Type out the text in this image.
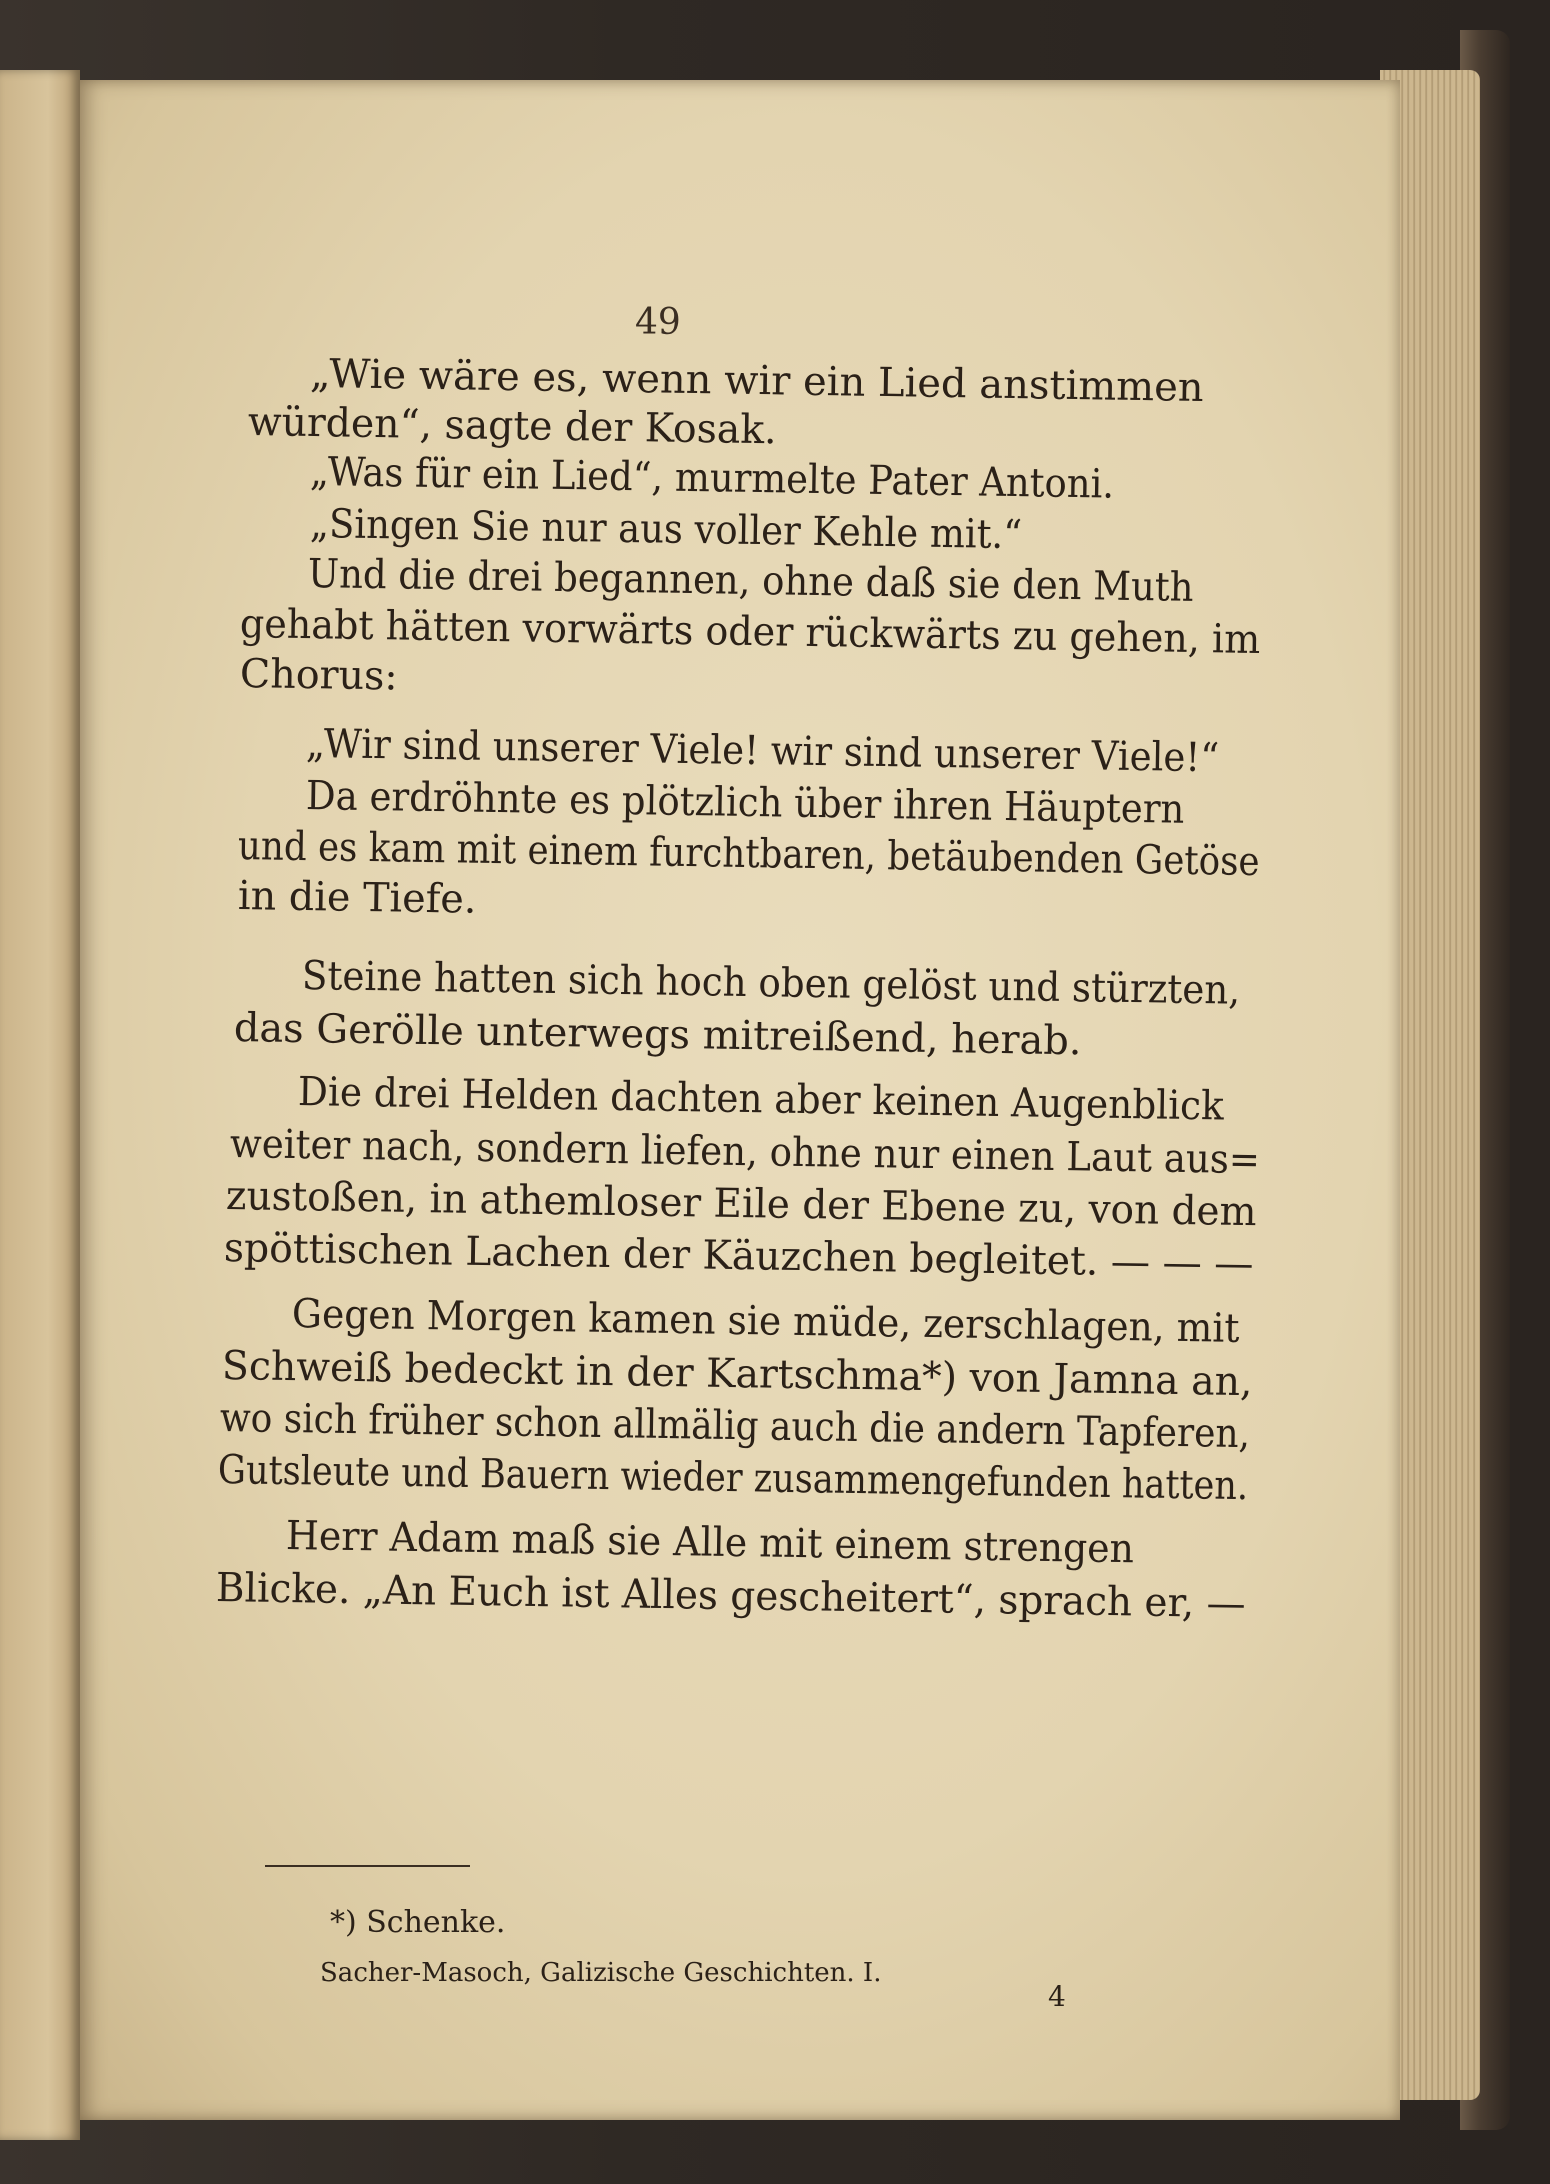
49
„Wie wäre es, wenn wir ein Lied anstimmen
würden“, sagte der Kosak.
„Was für ein Lied“, murmelte Pater Antoni.
„Singen Sie nur aus voller Kehle mit.“
Und die drei begannen, ohne daß sie den Muth
gehabt hätten vorwärts oder rückwärts zu gehen, im
Chorus:
„Wir sind unserer Viele! wir sind unserer Viele!“
Da erdröhnte es plötzlich über ihren Häuptern
und es kam mit einem furchtbaren, betäubenden Getöse
in die Tiefe.
Steine hatten sich hoch oben gelöst und stürzten,
das Gerölle unterwegs mitreißend, herab.
Die drei Helden dachten aber keinen Augenblick
weiter nach, sondern liefen, ohne nur einen Laut aus=
zustoßen, in athemloser Eile der Ebene zu, von dem
spöttischen Lachen der Käuzchen begleitet. — — —
Gegen Morgen kamen sie müde, zerschlagen, mit
Schweiß bedeckt in der Kartschma*) von Jamna an,
wo sich früher schon allmälig auch die andern Tapferen,
Gutsleute und Bauern wieder zusammengefunden hatten.
Herr Adam maß sie Alle mit einem strengen
Blicke. „An Euch ist Alles gescheitert“, sprach er, —
*) Schenke.
Sacher-Masoch, Galizische Geschichten. I.
4
